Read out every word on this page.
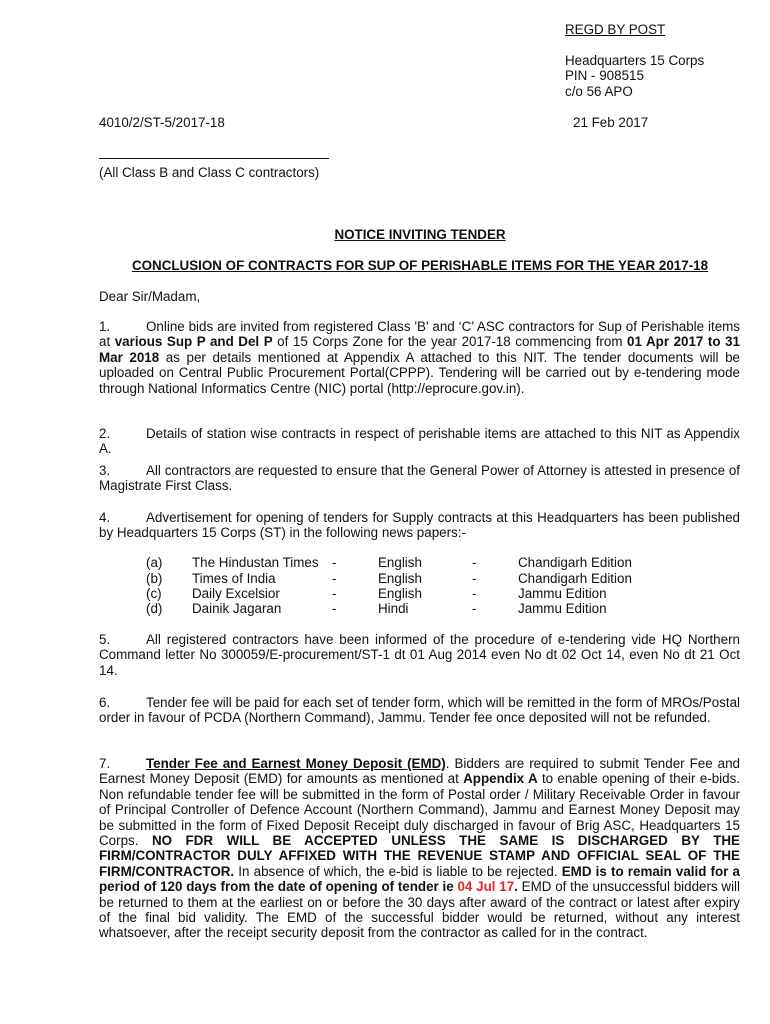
REGD BY POST
Headquarters 15 Corps
PIN - 908515
c/o 56 APO
4010/2/ST-5/2017-18	21 Feb 2017
(All Class B and Class C contractors)
NOTICE INVITING TENDER
CONCLUSION OF CONTRACTS FOR SUP OF PERISHABLE ITEMS FOR THE YEAR 2017-18
Dear Sir/Madam,
1.	Online bids are invited from registered Class 'B' and ‘C’ ASC contractors for Sup of Perishable items at various Sup P and Del P of 15 Corps Zone for the year 2017-18 commencing from 01 Apr 2017 to 31 Mar 2018 as per details mentioned at Appendix A attached to this NIT. The tender documents will be uploaded on Central Public Procurement Portal(CPPP). Tendering will be carried out by e-tendering mode through National Informatics Centre (NIC) portal (http://eprocure.gov.in).
2.	Details of station wise contracts in respect of perishable items are attached to this NIT as Appendix A.
3.	All contractors are requested to ensure that the General Power of Attorney is attested in presence of Magistrate First Class.
4.	Advertisement for opening of tenders for Supply contracts at this Headquarters has been published by Headquarters 15 Corps (ST) in the following news papers:-
(a) The Hindustan Times -	English	-	Chandigarh Edition
(b) Times of India	-	English	-	Chandigarh Edition
(c) Daily Excelsior	-	English	-	Jammu Edition
(d) Dainik Jagaran	-	Hindi	-	Jammu Edition
5.	All registered contractors have been informed of the procedure of e-tendering vide HQ Northern Command letter No 300059/E-procurement/ST-1 dt 01 Aug 2014 even No dt 02 Oct 14, even No dt 21 Oct 14.
6.	Tender fee will be paid for each set of tender form, which will be remitted in the form of MROs/Postal order in favour of PCDA (Northern Command), Jammu. Tender fee once deposited will not be refunded.
7.	Tender Fee and Earnest Money Deposit (EMD). Bidders are required to submit Tender Fee and Earnest Money Deposit (EMD) for amounts as mentioned at Appendix A to enable opening of their e-bids. Non refundable tender fee will be submitted in the form of Postal order / Military Receivable Order in favour of Principal Controller of Defence Account (Northern Command), Jammu and Earnest Money Deposit may be submitted in the form of Fixed Deposit Receipt duly discharged in favour of Brig ASC, Headquarters 15 Corps. NO FDR WILL BE ACCEPTED UNLESS THE SAME IS DISCHARGED BY THE FIRM/CONTRACTOR DULY AFFIXED WITH THE REVENUE STAMP AND OFFICIAL SEAL OF THE FIRM/CONTRACTOR. In absence of which, the e-bid is liable to be rejected. EMD is to remain valid for a period of 120 days from the date of opening of tender ie 04 Jul 17. EMD of the unsuccessful bidders will be returned to them at the earliest on or before the 30 days after award of the contract or latest after expiry of the final bid validity. The EMD of the successful bidder would be returned, without any interest whatsoever, after the receipt security deposit from the contractor as called for in the contract.
